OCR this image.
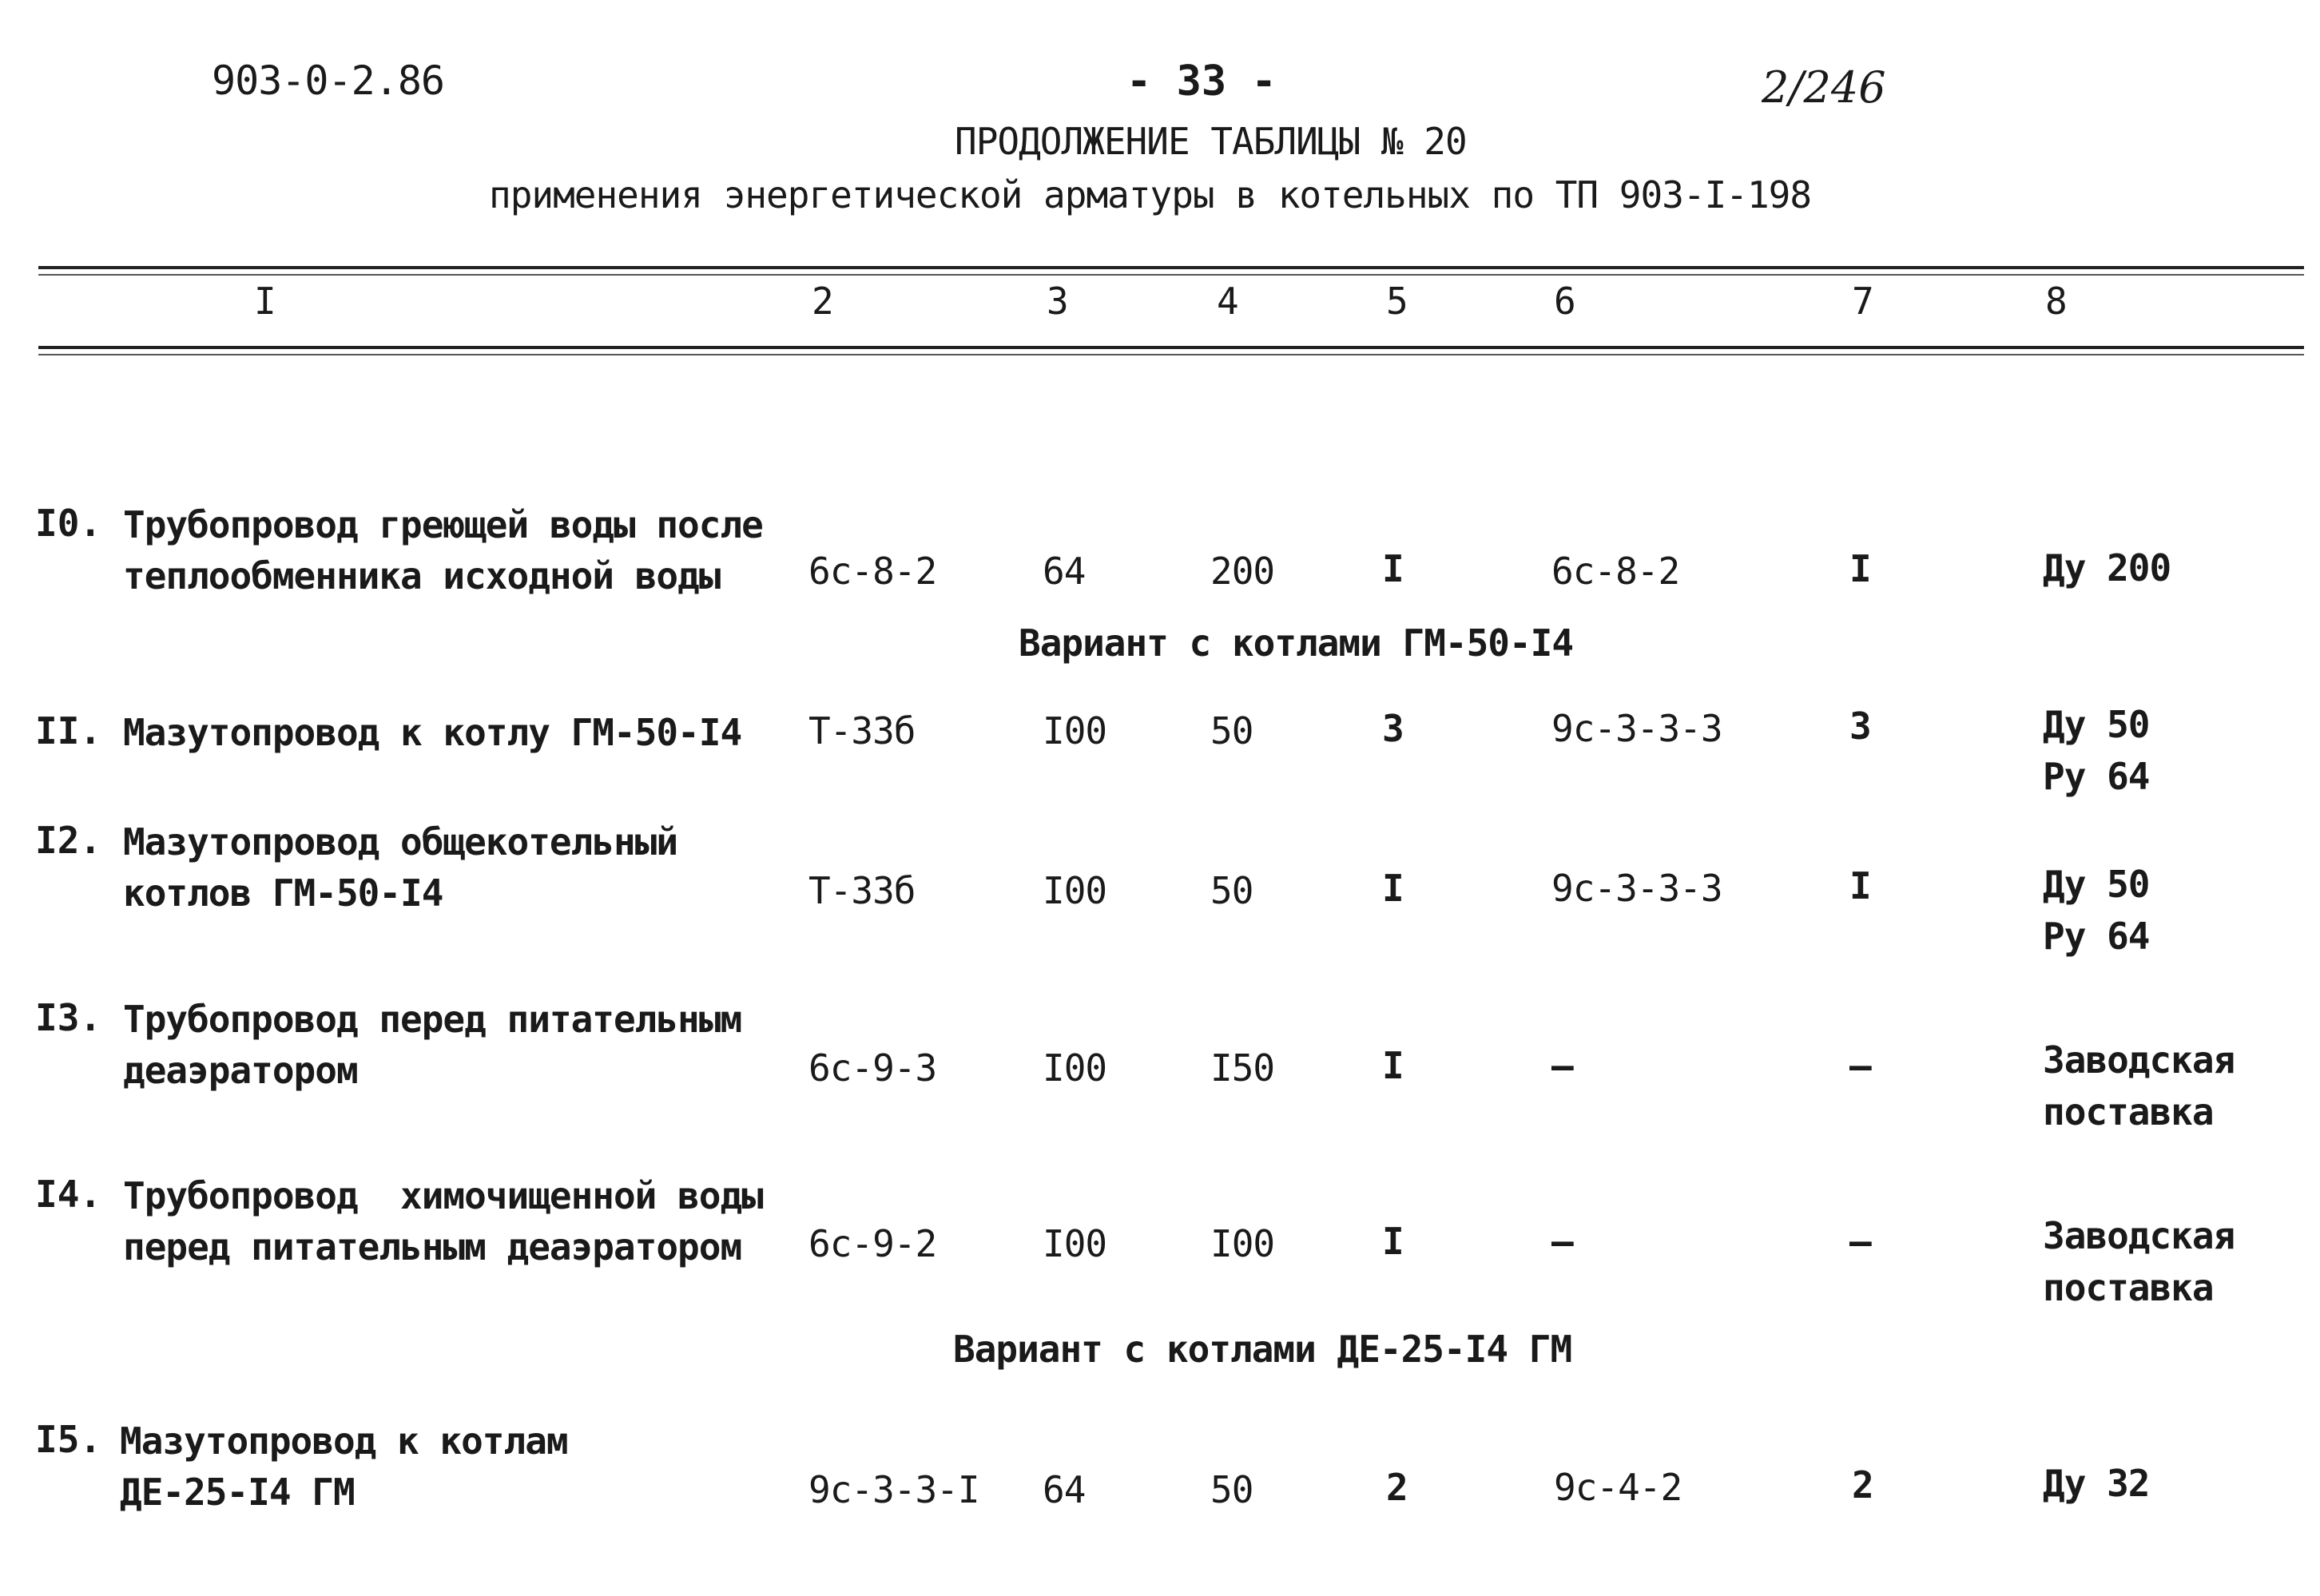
903-0-2.86	- 33 -	2/246
ПРОДОЛЖЕНИЕ ТАБЛИЦЫ № 20
применения энергетической арматуры в котельных по ТП 903-I-198
I	2	3	4	5	6	7	8
I0. Трубопровод греющей воды после
теплообменника исходной воды 6с-8-2	64	200	I	6с-8-2	I	Ду 200
Вариант с котлами ГМ-50-I4
II. Мазутопровод к котлу ГМ-50-I4 Т-33б	I00	50	3	9с-3-3-3	3	Ду 50
Ру 64
I2. Мазутопровод общекотельный
котлов ГМ-50-I4	Т-33б	I00	50	I	9с-3-3-3	I	Ду 50
Ру 64
I3. Трубопровод перед питательным
деаэратором	6с-9-3	I00	I50	I	–	–	Заводская
поставка
I4. Трубопровод  химочищенной воды
перед питательным деаэратором 6с-9-2	I00	I00	I	–	–	Заводская
поставка
Вариант с котлами ДЕ-25-I4 ГМ
I5. Мазутопровод к котлам
ДЕ-25-I4 ГМ	9с-3-3-I 64	50	2	9с-4-2	2	Ду 32
